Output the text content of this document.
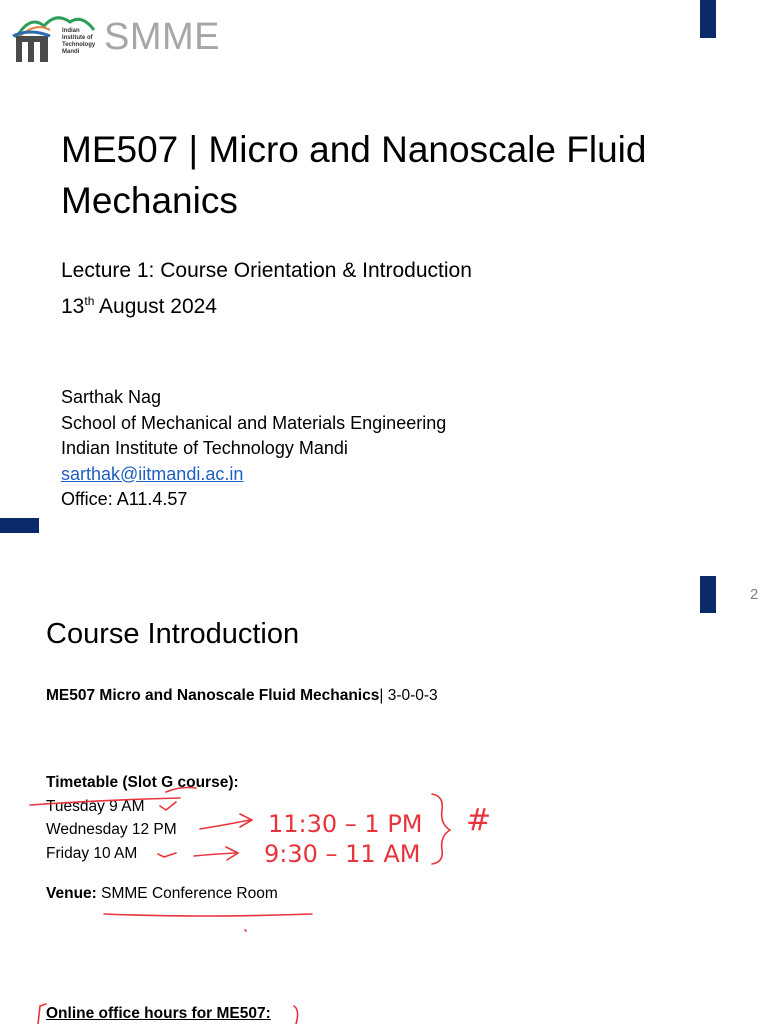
Indian
Institute of
Technology
Mandi SMME
ME507 | Micro and Nanoscale Fluid Mechanics
Lecture 1: Course Orientation & Introduction
13th August 2024
Sarthak Nag
School of Mechanical and Materials Engineering
Indian Institute of Technology Mandi
sarthak@iitmandi.ac.in
Office: A11.4.57
2
Course Introduction
ME507 Micro and Nanoscale Fluid Mechanics| 3-0-0-3
Timetable (Slot G course):
Tuesday 9 AM
Wednesday 12 PM
Friday 10 AM
Venue: SMME Conference Room
Online office hours for ME507:
11:30 – 1 PM
9:30 – 11 AM
#
